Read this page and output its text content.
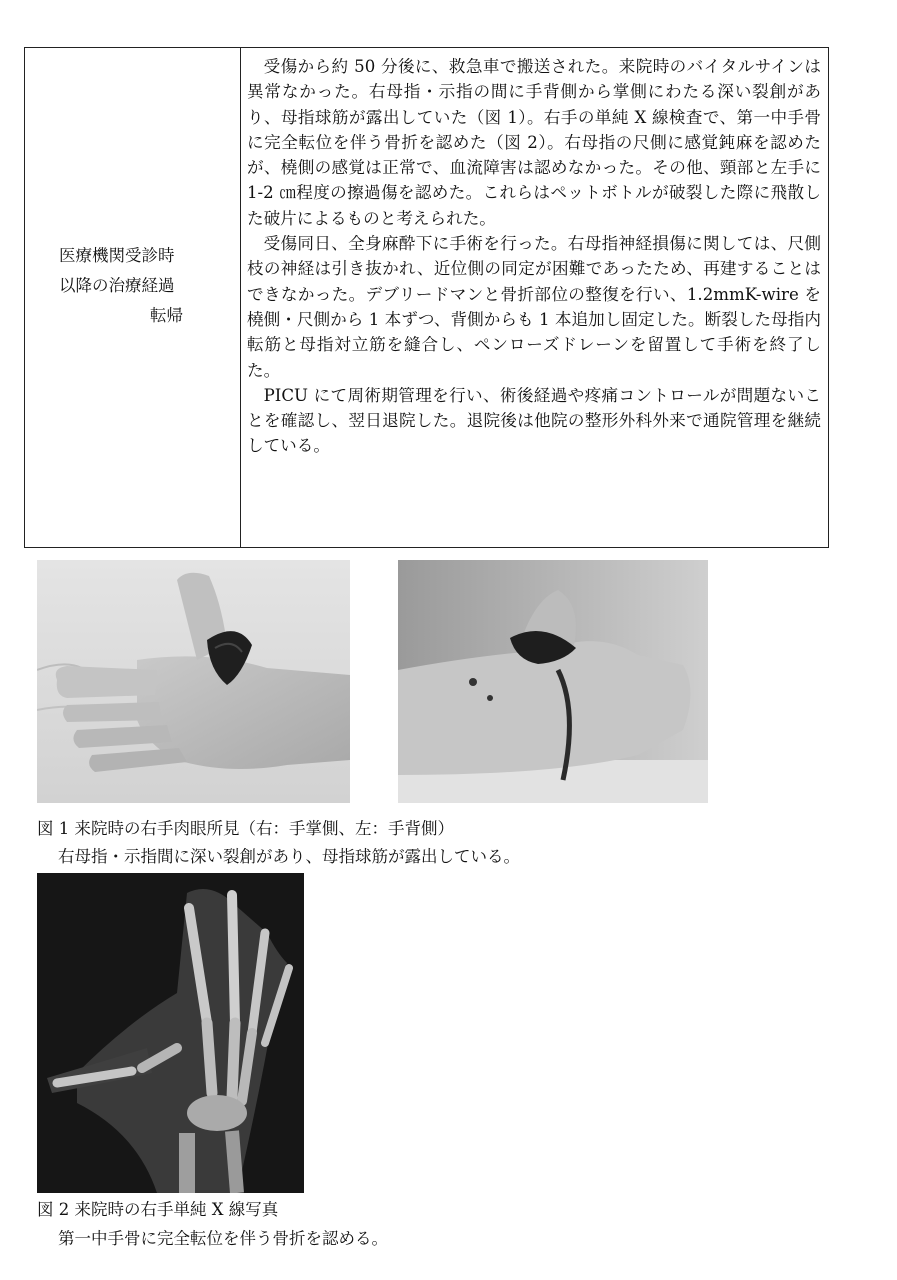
医療機関受診時
以降の治療経過
転帰

受傷から約 50 分後に、救急車で搬送された。来院時のバイタルサインは異常なかった。右母指・示指の間に手背側から掌側にわたる深い裂創があり、母指球筋が露出していた（図 1）。右手の単純 X 線検査で、第一中手骨に完全転位を伴う骨折を認めた（図 2）。右母指の尺側に感覚鈍麻を認めたが、橈側の感覚は正常で、血流障害は認めなかった。その他、頸部と左手に 1-2 ㎝程度の擦過傷を認めた。これらはペットボトルが破裂した際に飛散した破片によるものと考えられた。

受傷同日、全身麻酔下に手術を行った。右母指神経損傷に関しては、尺側枝の神経は引き抜かれ、近位側の同定が困難であったため、再建することはできなかった。デブリードマンと骨折部位の整復を行い、1.2mmK-wire を橈側・尺側から 1 本ずつ、背側からも 1 本追加し固定した。断裂した母指内転筋と母指対立筋を縫合し、ペンローズドレーンを留置して手術を終了した。

PICU にて周術期管理を行い、術後経過や疼痛コントロールが問題ないことを確認し、翌日退院した。退院後は他院の整形外科外来で通院管理を継続している。

図 1 来院時の右手肉眼所見（右：手掌側、左：手背側）
右母指・示指間に深い裂創があり、母指球筋が露出している。
図 2 来院時の右手単純 X 線写真
第一中手骨に完全転位を伴う骨折を認める。
